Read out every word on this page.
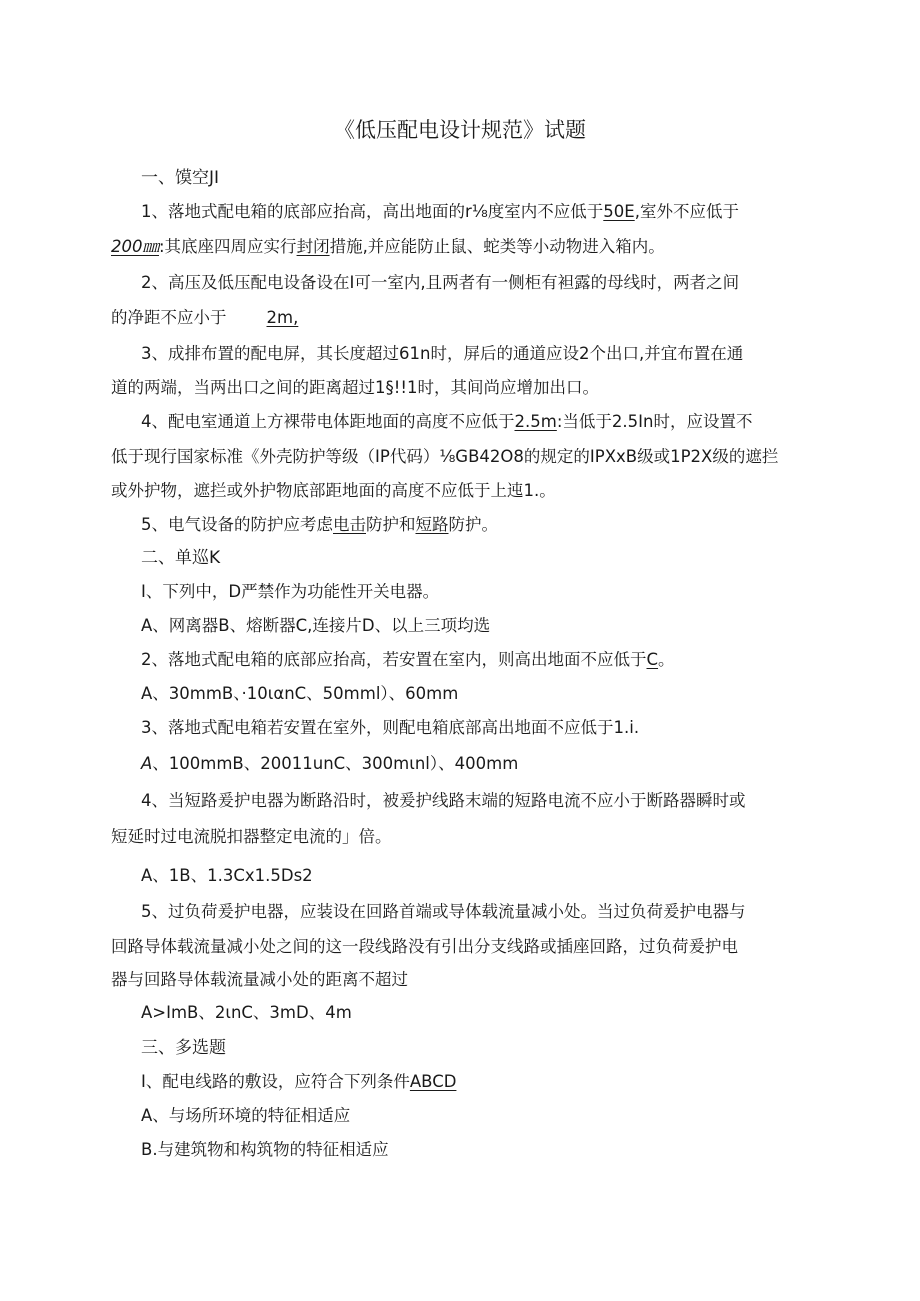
《低压配电设计规范》试题
一、馍空JI
1、落地式配电箱的底部应抬高，高出地面的r⅛度室内不应低于50E,室外不应低于
200㎜:其底座四周应实行封闭措施,并应能防止鼠、蛇类等小动物进入箱内。
2、高压及低压配电设备设在I可一室内,且两者有一侧柜有袒露的母线时，两者之间
的净距不应小于 2m,
3、成排布置的配电屏，其长度超过61n时，屏后的通道应设2个出口,并宜布置在通
道的两端，当两出口之间的距离超过1§!!1时，其间尚应增加出口。
4、配电室通道上方裸带电体距地面的高度不应低于2.5m:当低于2.5In时，应设置不
低于现行国家标准《外壳防护等级（IP代码）⅛GB42O8的规定的IPXxB级或1P2X级的遮拦
或外护物，遮拦或外护物底部距地面的高度不应低于上迍1.。
5、电气设备的防护应考虑电击防护和短路防护。
二、单巡K
I、下列中，D严禁作为功能性开关电器。
A、网离器B、熔断器C,连接片D、以上三项均选
2、落地式配电箱的底部应抬高，若安置在室内，则高出地面不应低于C。
A、30mmB、·10ιαnC、50mml）、60mm
3、落地式配电箱若安置在室外，则配电箱底部高出地面不应低于1.i.
A、100mmB、20011unC、300mιnl）、400mm
4、当短路爰护电器为断路沿时，被爰护线路末端的短路电流不应小于断路器瞬时或
短延时过电流脱扣器整定电流的」倍。
A、1B、1.3Cx1.5Ds2
5、过负荷爰护电器，应装设在回路首端或导体载流量减小处。当过负荷爰护电器与
回路导体载流量减小处之间的这一段线路没有引出分支线路或插座回路，过负荷爰护电
器与回路导体载流量减小处的距离不超过
A>ImB、2ιnC、3mD、4m
三、多选题
I、配电线路的敷设，应符合下列条件ABCD
A、与场所环境的特征相适应
B.与建筑物和构筑物的特征相适应
